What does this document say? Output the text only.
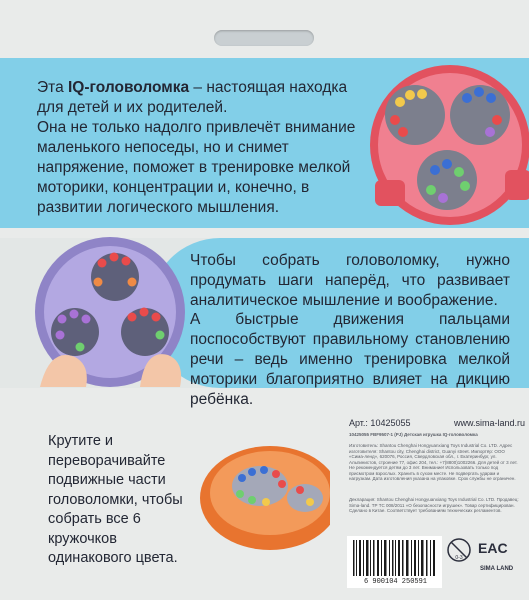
Эта IQ-головоломка – настоящая находка для детей и их родителей.
Она не только надолго привлечёт внимание маленького непоседы, но и снимет напряжение, поможет в тренировке мелкой моторики, концентрации и, конечно, в развитии логического мышления.
Чтобы собрать головоломку, нужно продумать шаги наперёд, что развивает аналитическое мышление и воображение.
А быстрые движения пальцами поспособствуют правильному становлению речи – ведь именно тренировка мелкой моторики благоприятно влияет на дикцию ребёнка.
Крутите и переворачивайте подвижные части головоломки, чтобы собрать все 6 кружочков одинакового цвета.
Арт.: 10425055	www.sima-land.ru
10425055 FBF9507-1 (PJ) Детская игрушка IQ-головоломка
Изготовитель: Shantou Chenghai Hongyuanxiang Toys Industrial Co. LTD. Адрес изготовителя: Shantou city, Chenghai district, Guanyi street. Импортёр: ООО «Сима-ленд», 620076, Россия, Свердловская обл., г. Екатеринбург, ул. Альпинистов, строение 77, офис 204, тел.: +7(8800)1002266. Для детей от 3 лет. Не рекомендуется детям до 3 лет. Внимание! Использовать только под присмотром взрослых. Хранить в сухом месте. Не подвергать ударам и нагрузкам. Дата изготовления указана на упаковке. Срок службы не ограничен.
Декларация: Shantou Chenghai Hongyuanxiang Toys Industrial Co. LTD. Продавец: Sima-land. ТР ТС 008/2011 «О безопасности игрушек». Товар сертифицирован. Сделано в Китае. Соответствует требованиям технических регламентов.
6 900104 250591
0-3
EAC
SIMA LAND
